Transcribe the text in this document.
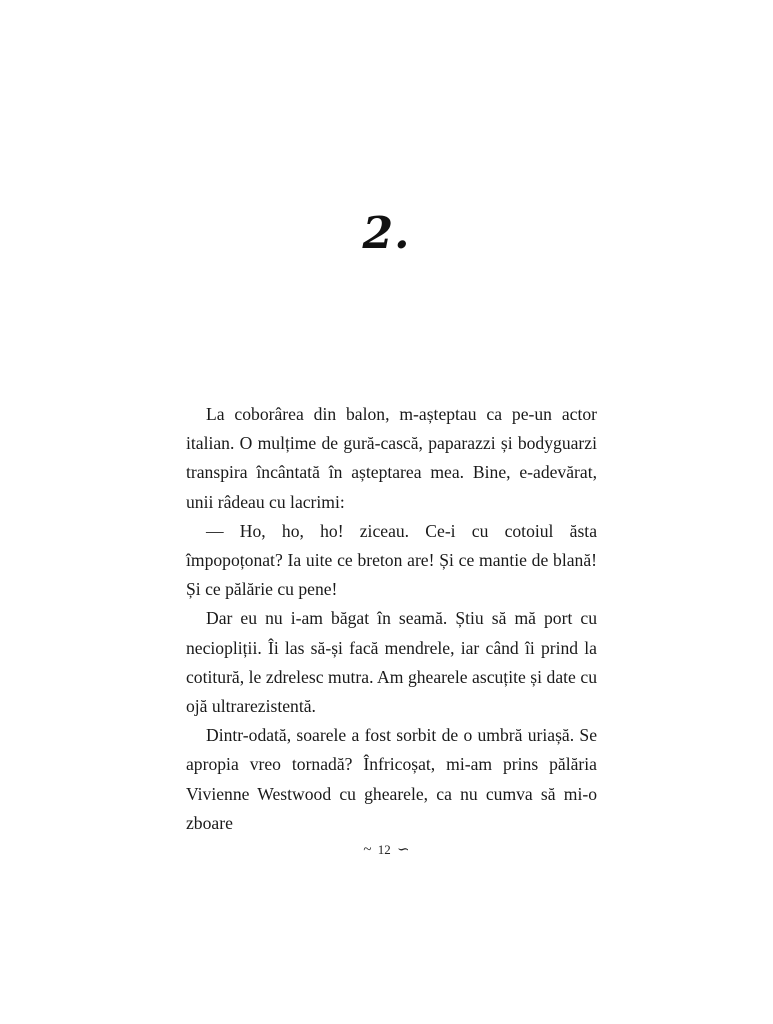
2.

La coborârea din balon, m-așteptau ca pe-un actor italian. O mulțime de gură-cască, paparazzi și bodyguarzi transpira încântată în așteptarea mea. Bine, e-adevărat, unii râdeau cu lacrimi:

— Ho, ho, ho! ziceau. Ce-i cu cotoiul ăsta împopoțonat? Ia uite ce breton are! Și ce mantie de blană! Și ce pălărie cu pene!

Dar eu nu i-am băgat în seamă. Știu să mă port cu neciopliții. Îi las să-și facă mendrele, iar când îi prind la cotitură, le zdrelesc mutra. Am ghearele ascuțite și date cu ojă ultrarezistentă.

Dintr-odată, soarele a fost sorbit de o umbră uriașă. Se apropia vreo tornadă? Înfricoșat, mi-am prins pălăria Vivienne Westwood cu ghearele, ca nu cumva să mi-o zboare

~ 12 ∽
